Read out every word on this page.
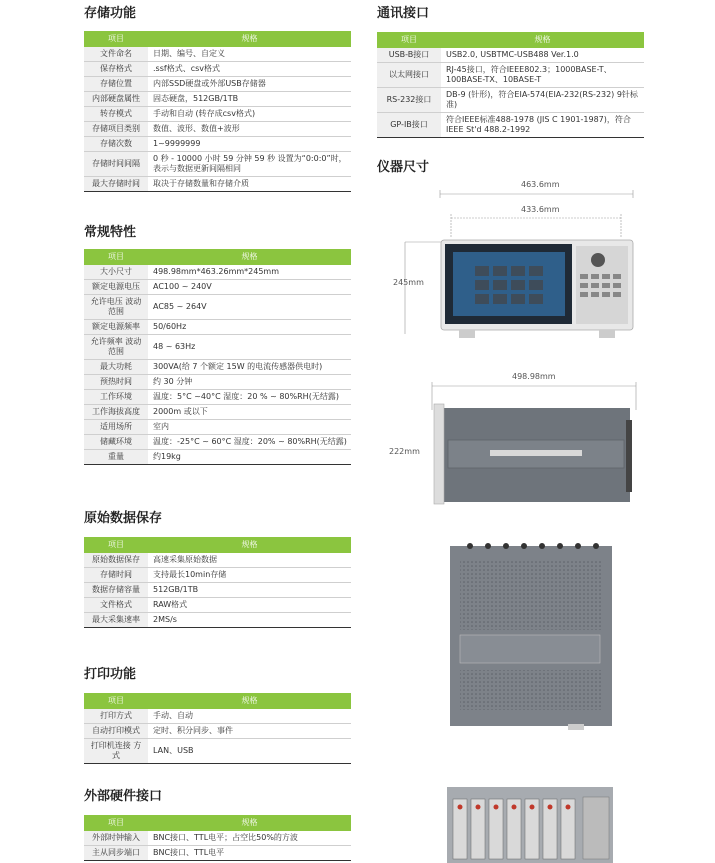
存储功能
项目	规格
文件命名	日期、编号、自定义
保存格式	.ssf格式、csv格式
存储位置	内部SSD硬盘或外部USB存储器
内部硬盘属性	固态硬盘，512GB/1TB
转存模式	手动和自动 (转存成csv格式)
存储项目类别	数值、波形、数值+波形
存储次数	1~9999999
存储时间间隔	0 秒 - 10000 小时 59 分钟 59 秒 设置为“0:0:0”时，表示与数据更新间隔相同
最大存储时间	取决于存储数量和存储介质
常规特性
项目	规格
大小尺寸	498.98mm*463.26mm*245mm
额定电源电压	AC100 ~ 240V
允许电压 波动范围	AC85 ~ 264V
额定电源频率	50/60Hz
允许频率 波动范围	48 ~ 63Hz
最大功耗	300VA(给 7 个额定 15W 的电流传感器供电时)
预热时间	约 30 分钟
工作环境	温度：5°C ~40°C 湿度：20 % ~ 80%RH(无结露)
工作海拔高度	2000m 或以下
适用场所	室内
储藏环境	温度：-25°C ~ 60°C 湿度：20% ~ 80%RH(无结露)
重量	约19kg
原始数据保存
项目	规格
原始数据保存	高速采集原始数据
存储时间	支持最长10min存储
数据存储容量	512GB/1TB
文件格式	RAW格式
最大采集速率	2MS/s
打印功能
项目	规格
打印方式	手动、自动
自动打印模式	定时、积分同步、事件
打印机连接 方式	LAN、USB
外部硬件接口
项目	规格
外部时钟输入	BNC接口、TTL电平；占空比50%的方波
主从同步端口	BNC接口、TTL电平
通讯接口
项目	规格
USB-B接口	USB2.0, USBTMC-USB488 Ver.1.0
以太网接口	RJ-45接口，符合IEEE802.3；1000BASE-T、100BASE-TX、10BASE-T
RS-232接口	DB-9 (针形)，符合EIA-574(EIA-232(RS-232) 9针标准)
GP-IB接口	符合IEEE标准488-1978 (JIS C 1901-1987)，符合IEEE St'd 488.2-1992
仪器尺寸
463.6mm
433.6mm
245mm
498.98mm
222mm
